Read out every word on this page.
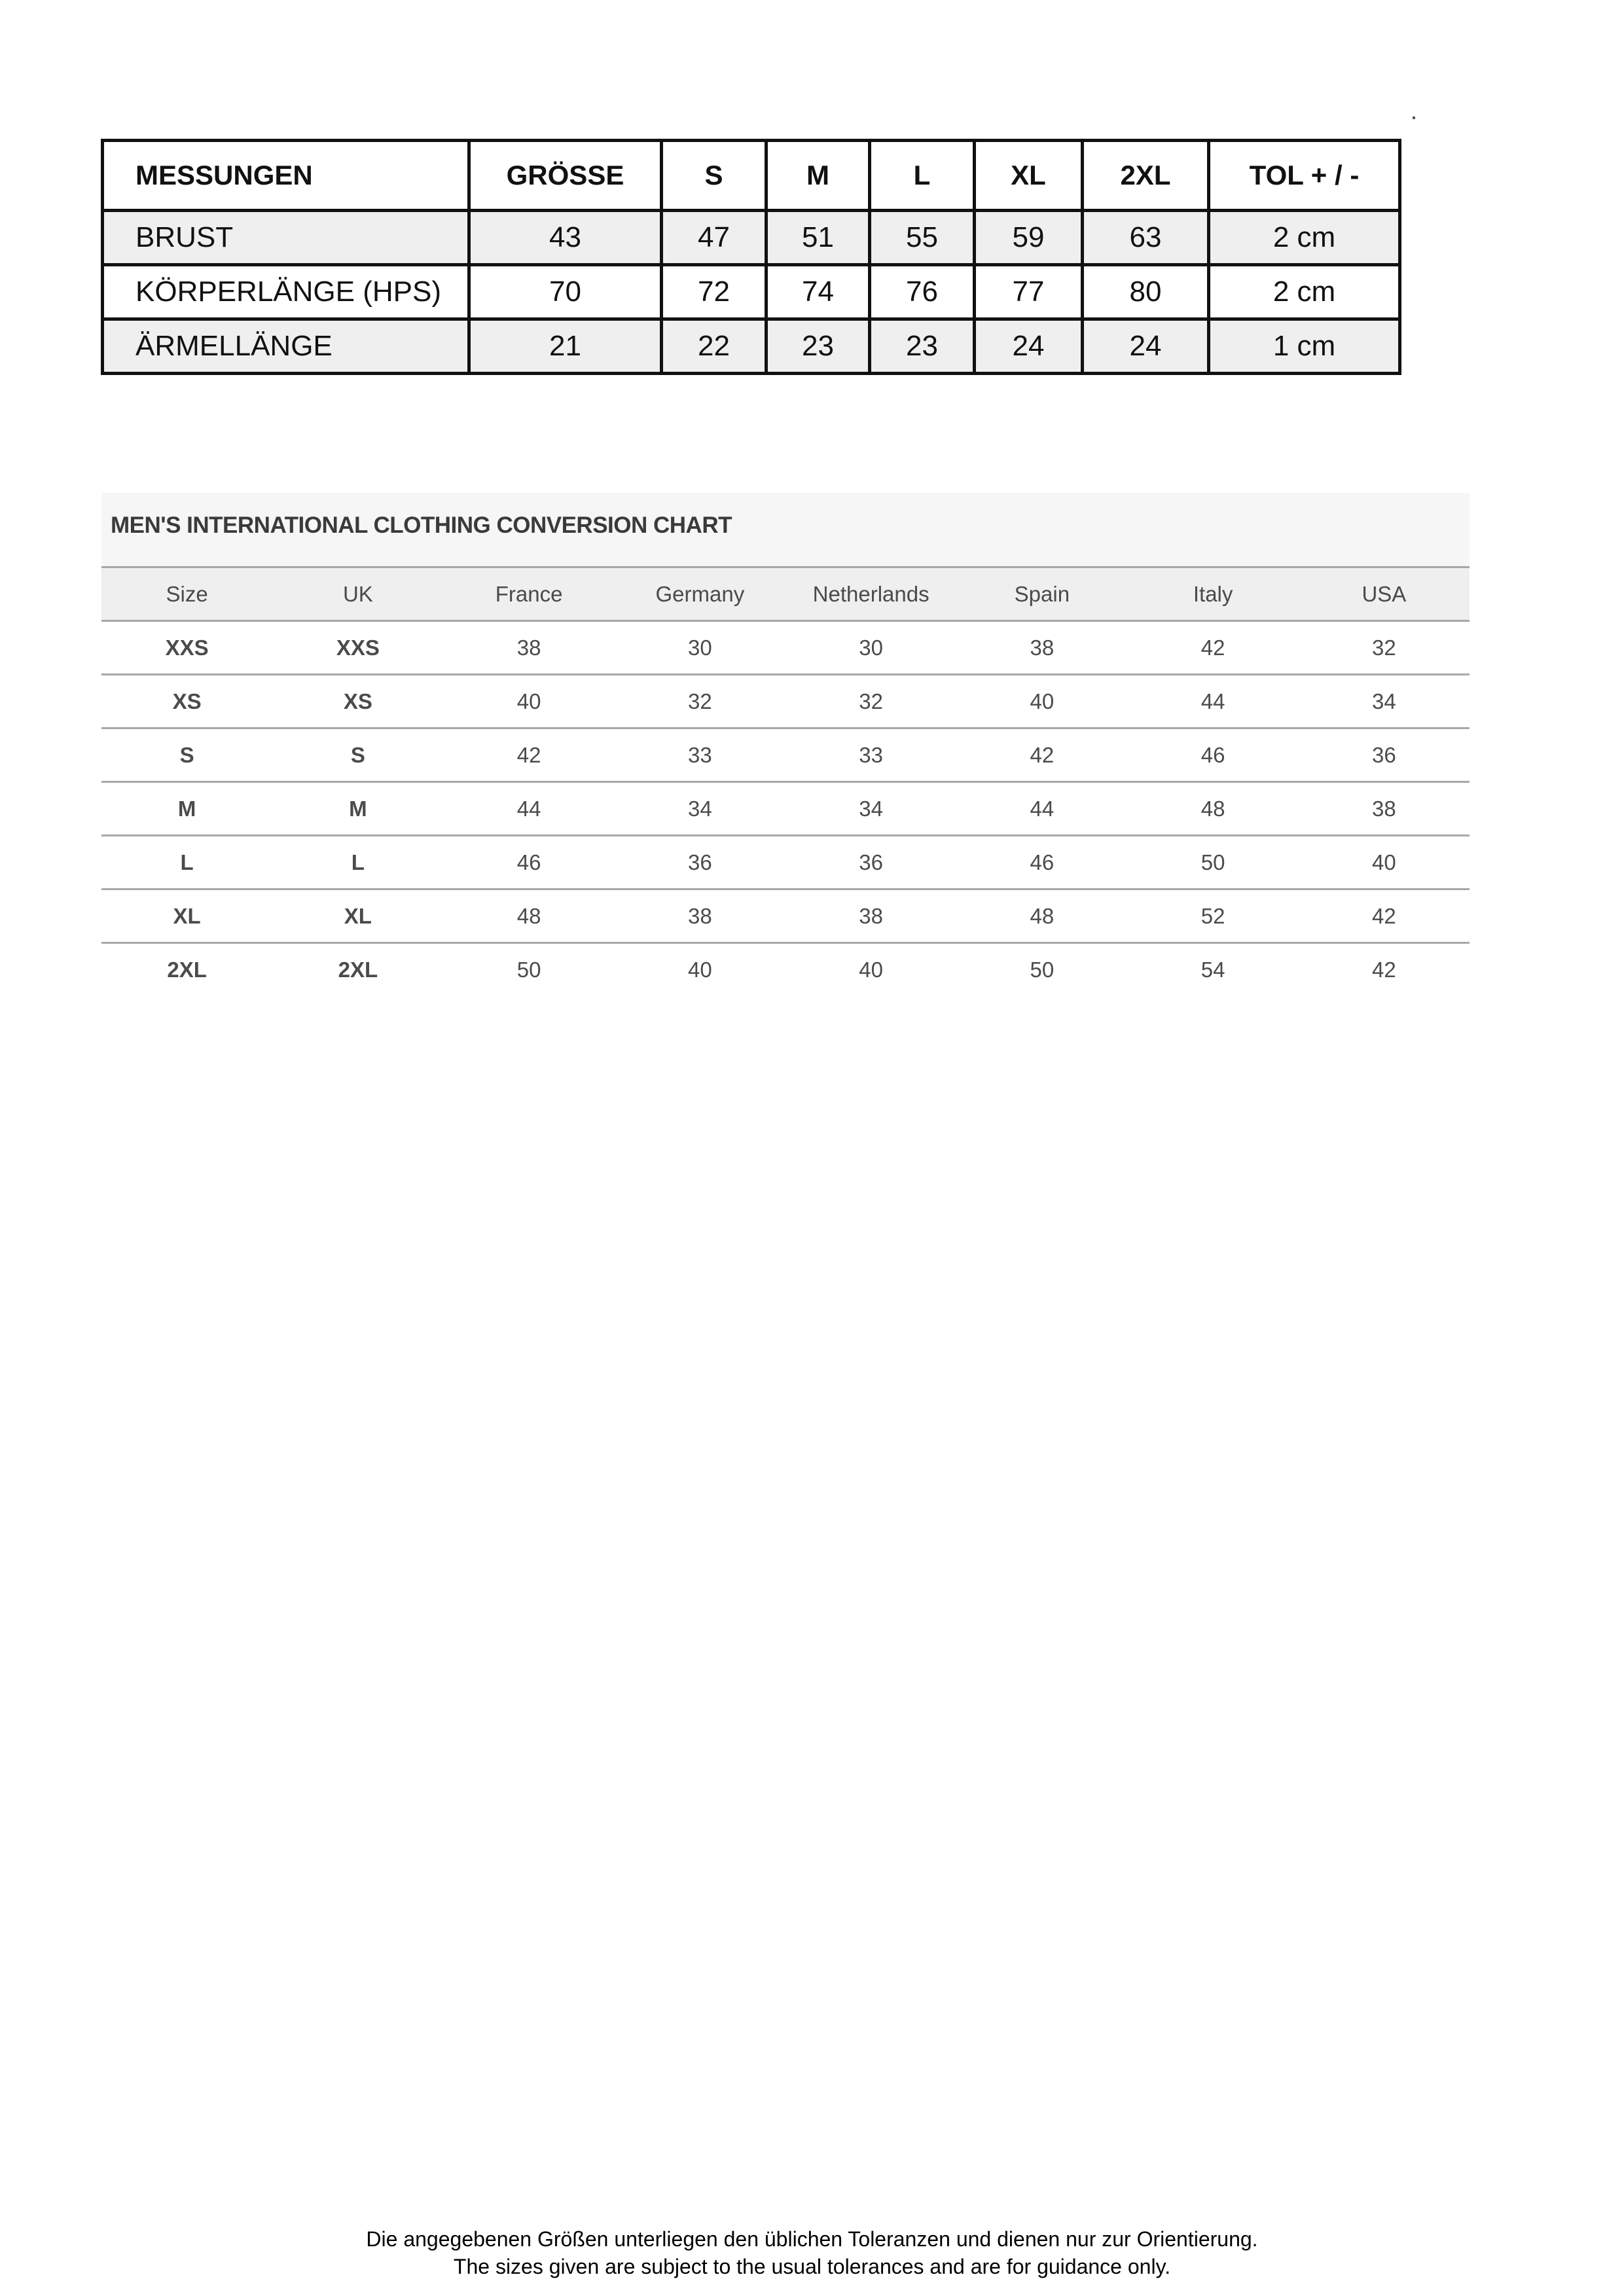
MESSUNGEN	GRÖSSE	S	M	L	XL	2XL	TOL + / -
BRUST	43	47	51	55	59	63	2 cm
KÖRPERLÄNGE (HPS)	70	72	74	76	77	80	2 cm
ÄRMELLÄNGE	21	22	23	23	24	24	1 cm
MEN'S INTERNATIONAL CLOTHING CONVERSION CHART
Size	UK	France	Germany	Netherlands	Spain	Italy	USA
XXS	XXS	38	30	30	38	42	32
XS	XS	40	32	32	40	44	34
S	S	42	33	33	42	46	36
M	M	44	34	34	44	48	38
L	L	46	36	36	46	50	40
XL	XL	48	38	38	48	52	42
2XL	2XL	50	40	40	50	54	42
Die angegebenen Größen unterliegen den üblichen Toleranzen und dienen nur zur Orientierung.
The sizes given are subject to the usual tolerances and are for guidance only.
